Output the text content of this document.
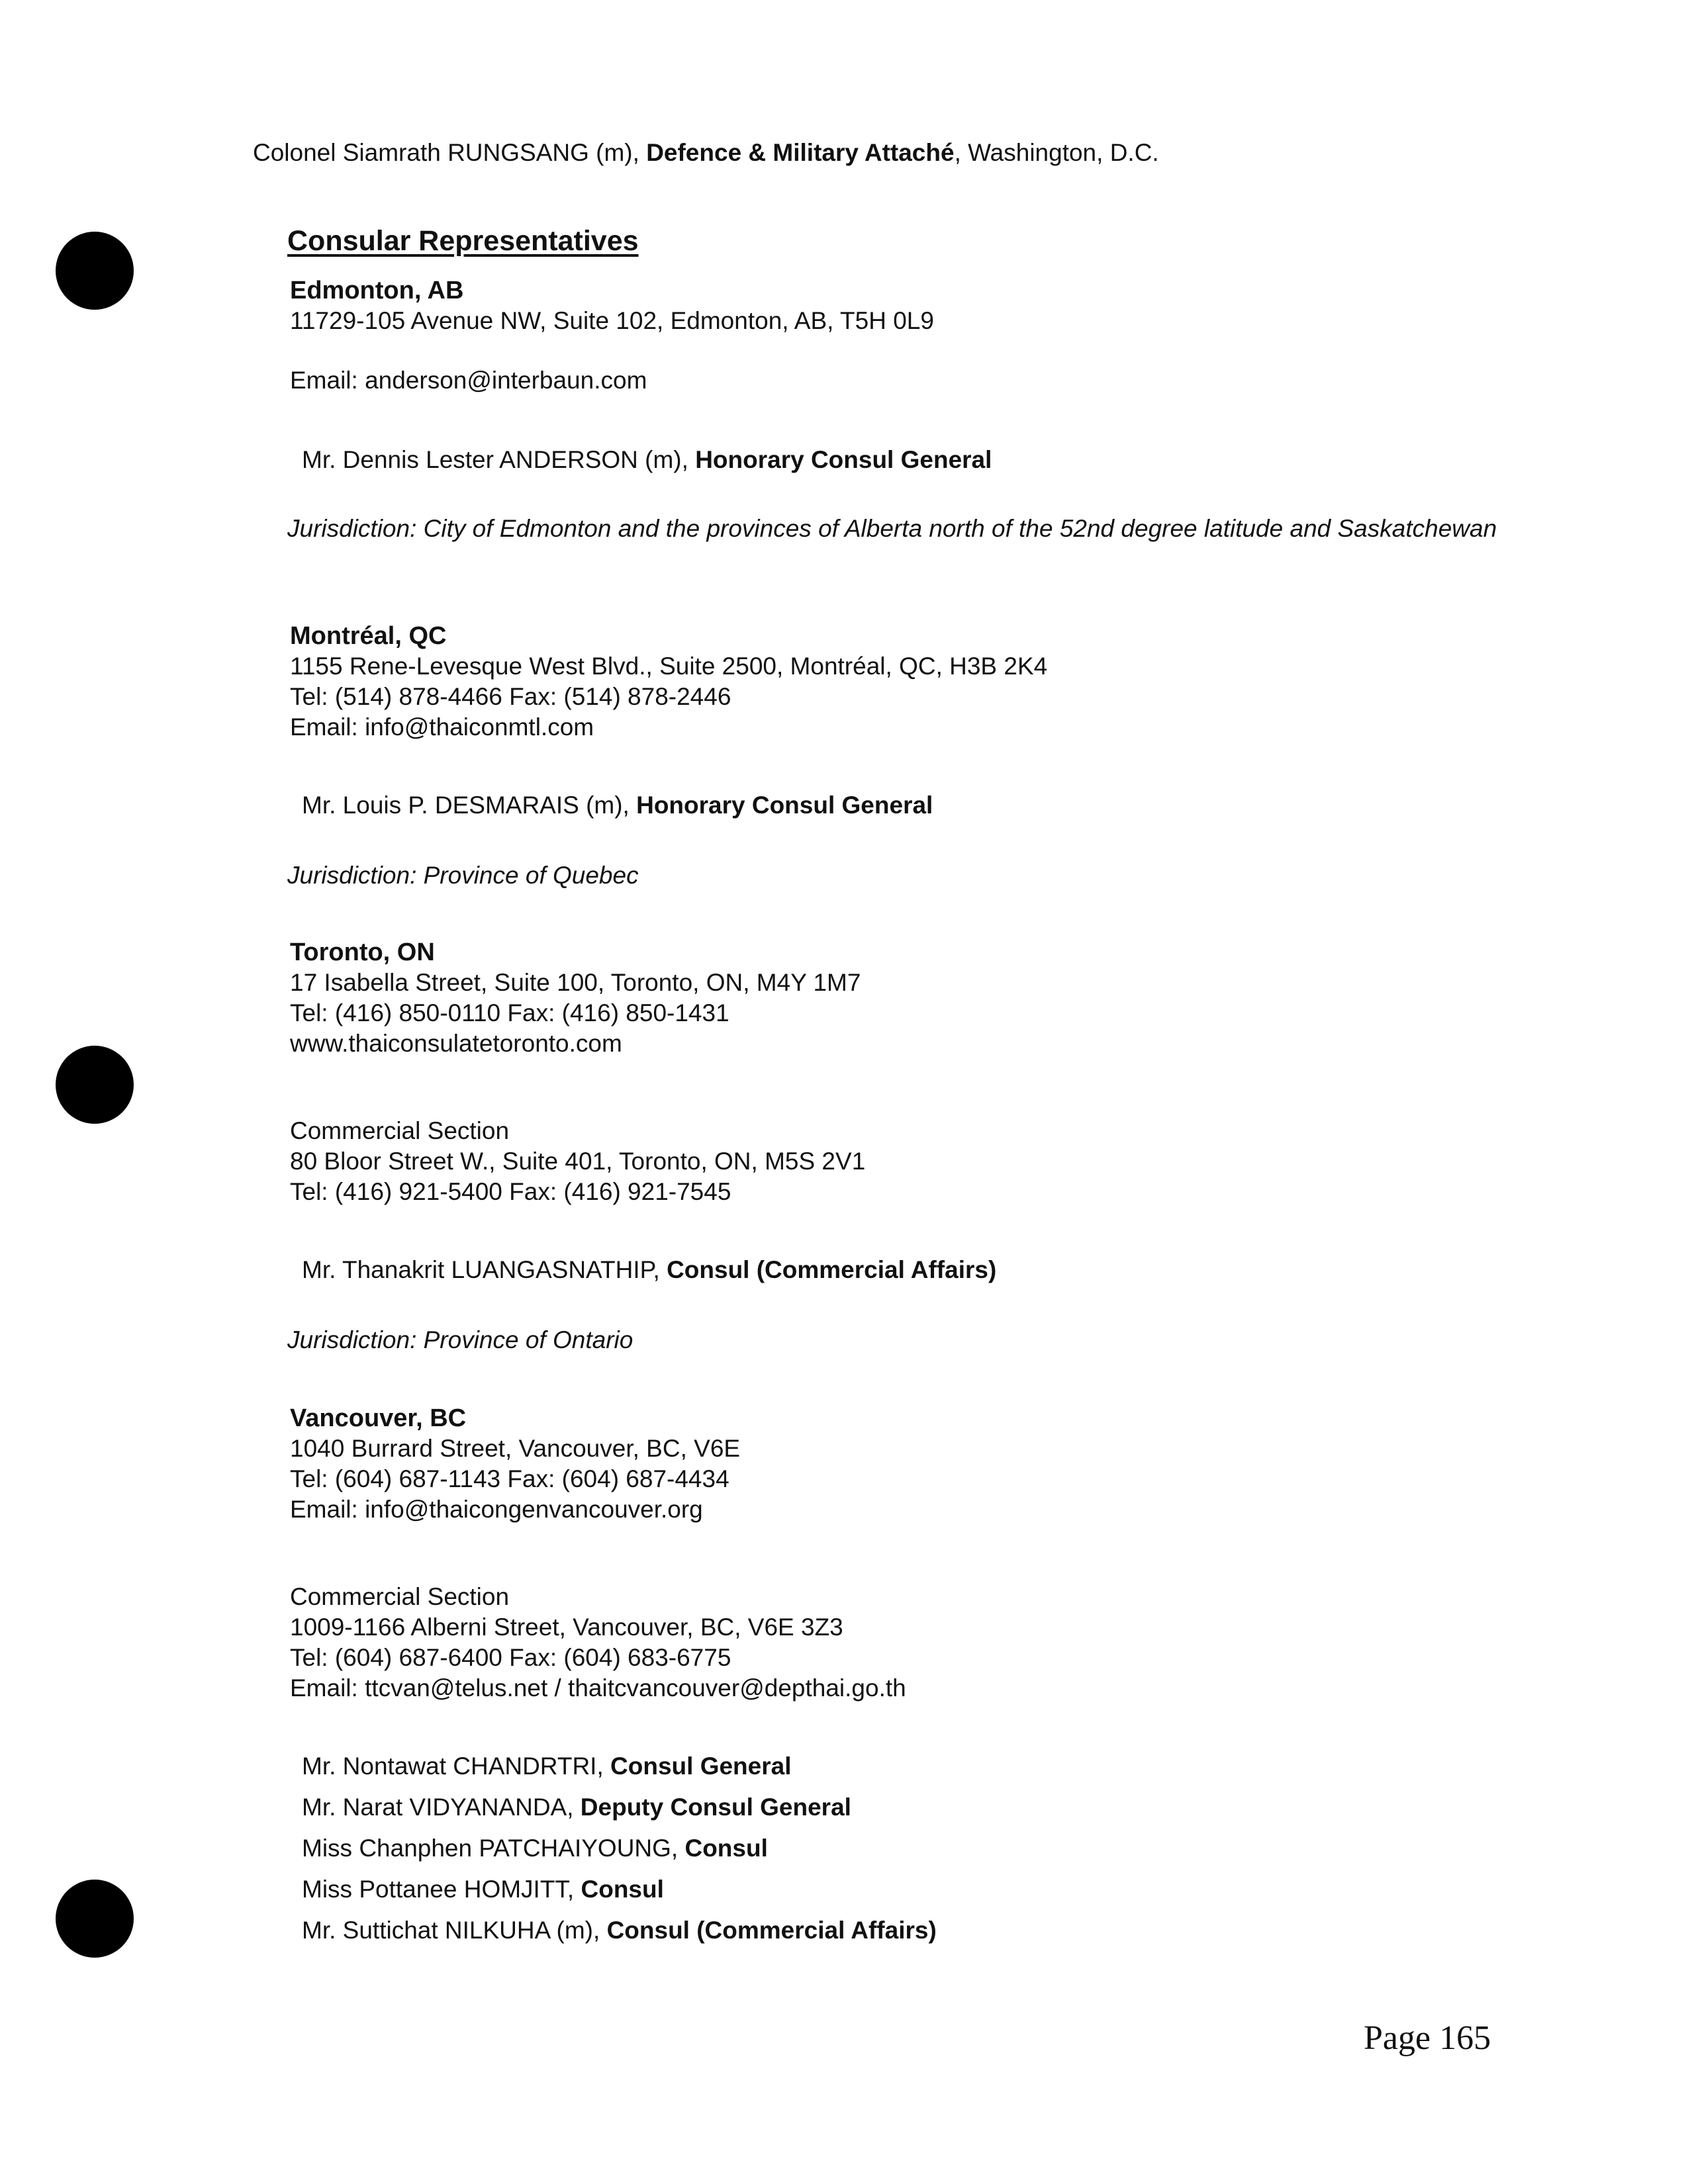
Colonel Siamrath RUNGSANG (m), Defence & Military Attaché, Washington, D.C.
Consular Representatives
Edmonton, AB
11729-105 Avenue NW, Suite 102, Edmonton, AB, T5H 0L9
Email: anderson@interbaun.com
Mr. Dennis Lester ANDERSON (m), Honorary Consul General
Jurisdiction: City of Edmonton and the provinces of Alberta north of the 52nd degree latitude and Saskatchewan
Montréal, QC
1155 Rene-Levesque West Blvd., Suite 2500, Montréal, QC, H3B 2K4
Tel: (514) 878-4466 Fax: (514) 878-2446
Email: info@thaiconmtl.com
Mr. Louis P. DESMARAIS (m), Honorary Consul General
Jurisdiction: Province of Quebec
Toronto, ON
17 Isabella Street, Suite 100, Toronto, ON, M4Y 1M7
Tel: (416) 850-0110 Fax: (416) 850-1431
www.thaiconsulatetoronto.com
Commercial Section
80 Bloor Street W., Suite 401, Toronto, ON, M5S 2V1
Tel: (416) 921-5400 Fax: (416) 921-7545
Mr. Thanakrit LUANGASNATHIP, Consul (Commercial Affairs)
Jurisdiction: Province of Ontario
Vancouver, BC
1040 Burrard Street, Vancouver, BC, V6E
Tel: (604) 687-1143 Fax: (604) 687-4434
Email: info@thaicongenvancouver.org
Commercial Section
1009-1166 Alberni Street, Vancouver, BC, V6E 3Z3
Tel: (604) 687-6400 Fax: (604) 683-6775
Email: ttcvan@telus.net / thaitcvancouver@depthai.go.th
Mr. Nontawat CHANDRTRI, Consul General
Mr. Narat VIDYANANDA, Deputy Consul General
Miss Chanphen PATCHAIYOUNG, Consul
Miss Pottanee HOMJITT, Consul
Mr. Suttichat NILKUHA (m), Consul (Commercial Affairs)
Page 165
